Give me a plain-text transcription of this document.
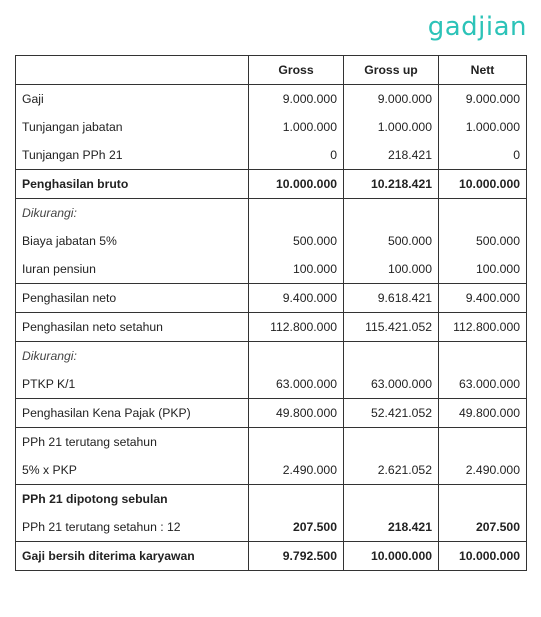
gadjian
	Gross	Gross up	Nett
Gaji	9.000.000	9.000.000	9.000.000
Tunjangan jabatan	1.000.000	1.000.000	1.000.000
Tunjangan PPh 21	0	218.421	0
Penghasilan bruto	10.000.000	10.218.421	10.000.000
Dikurangi:			
Biaya jabatan 5%	500.000	500.000	500.000
Iuran pensiun	100.000	100.000	100.000
Penghasilan neto	9.400.000	9.618.421	9.400.000
Penghasilan neto setahun	112.800.000	115.421.052	112.800.000
Dikurangi:			
PTKP K/1	63.000.000	63.000.000	63.000.000
Penghasilan Kena Pajak (PKP)	49.800.000	52.421.052	49.800.000
PPh 21 terutang setahun			
5% x PKP	2.490.000	2.621.052	2.490.000
PPh 21 dipotong sebulan			
PPh 21 terutang setahun : 12	207.500	218.421	207.500
Gaji bersih diterima karyawan	9.792.500	10.000.000	10.000.000
